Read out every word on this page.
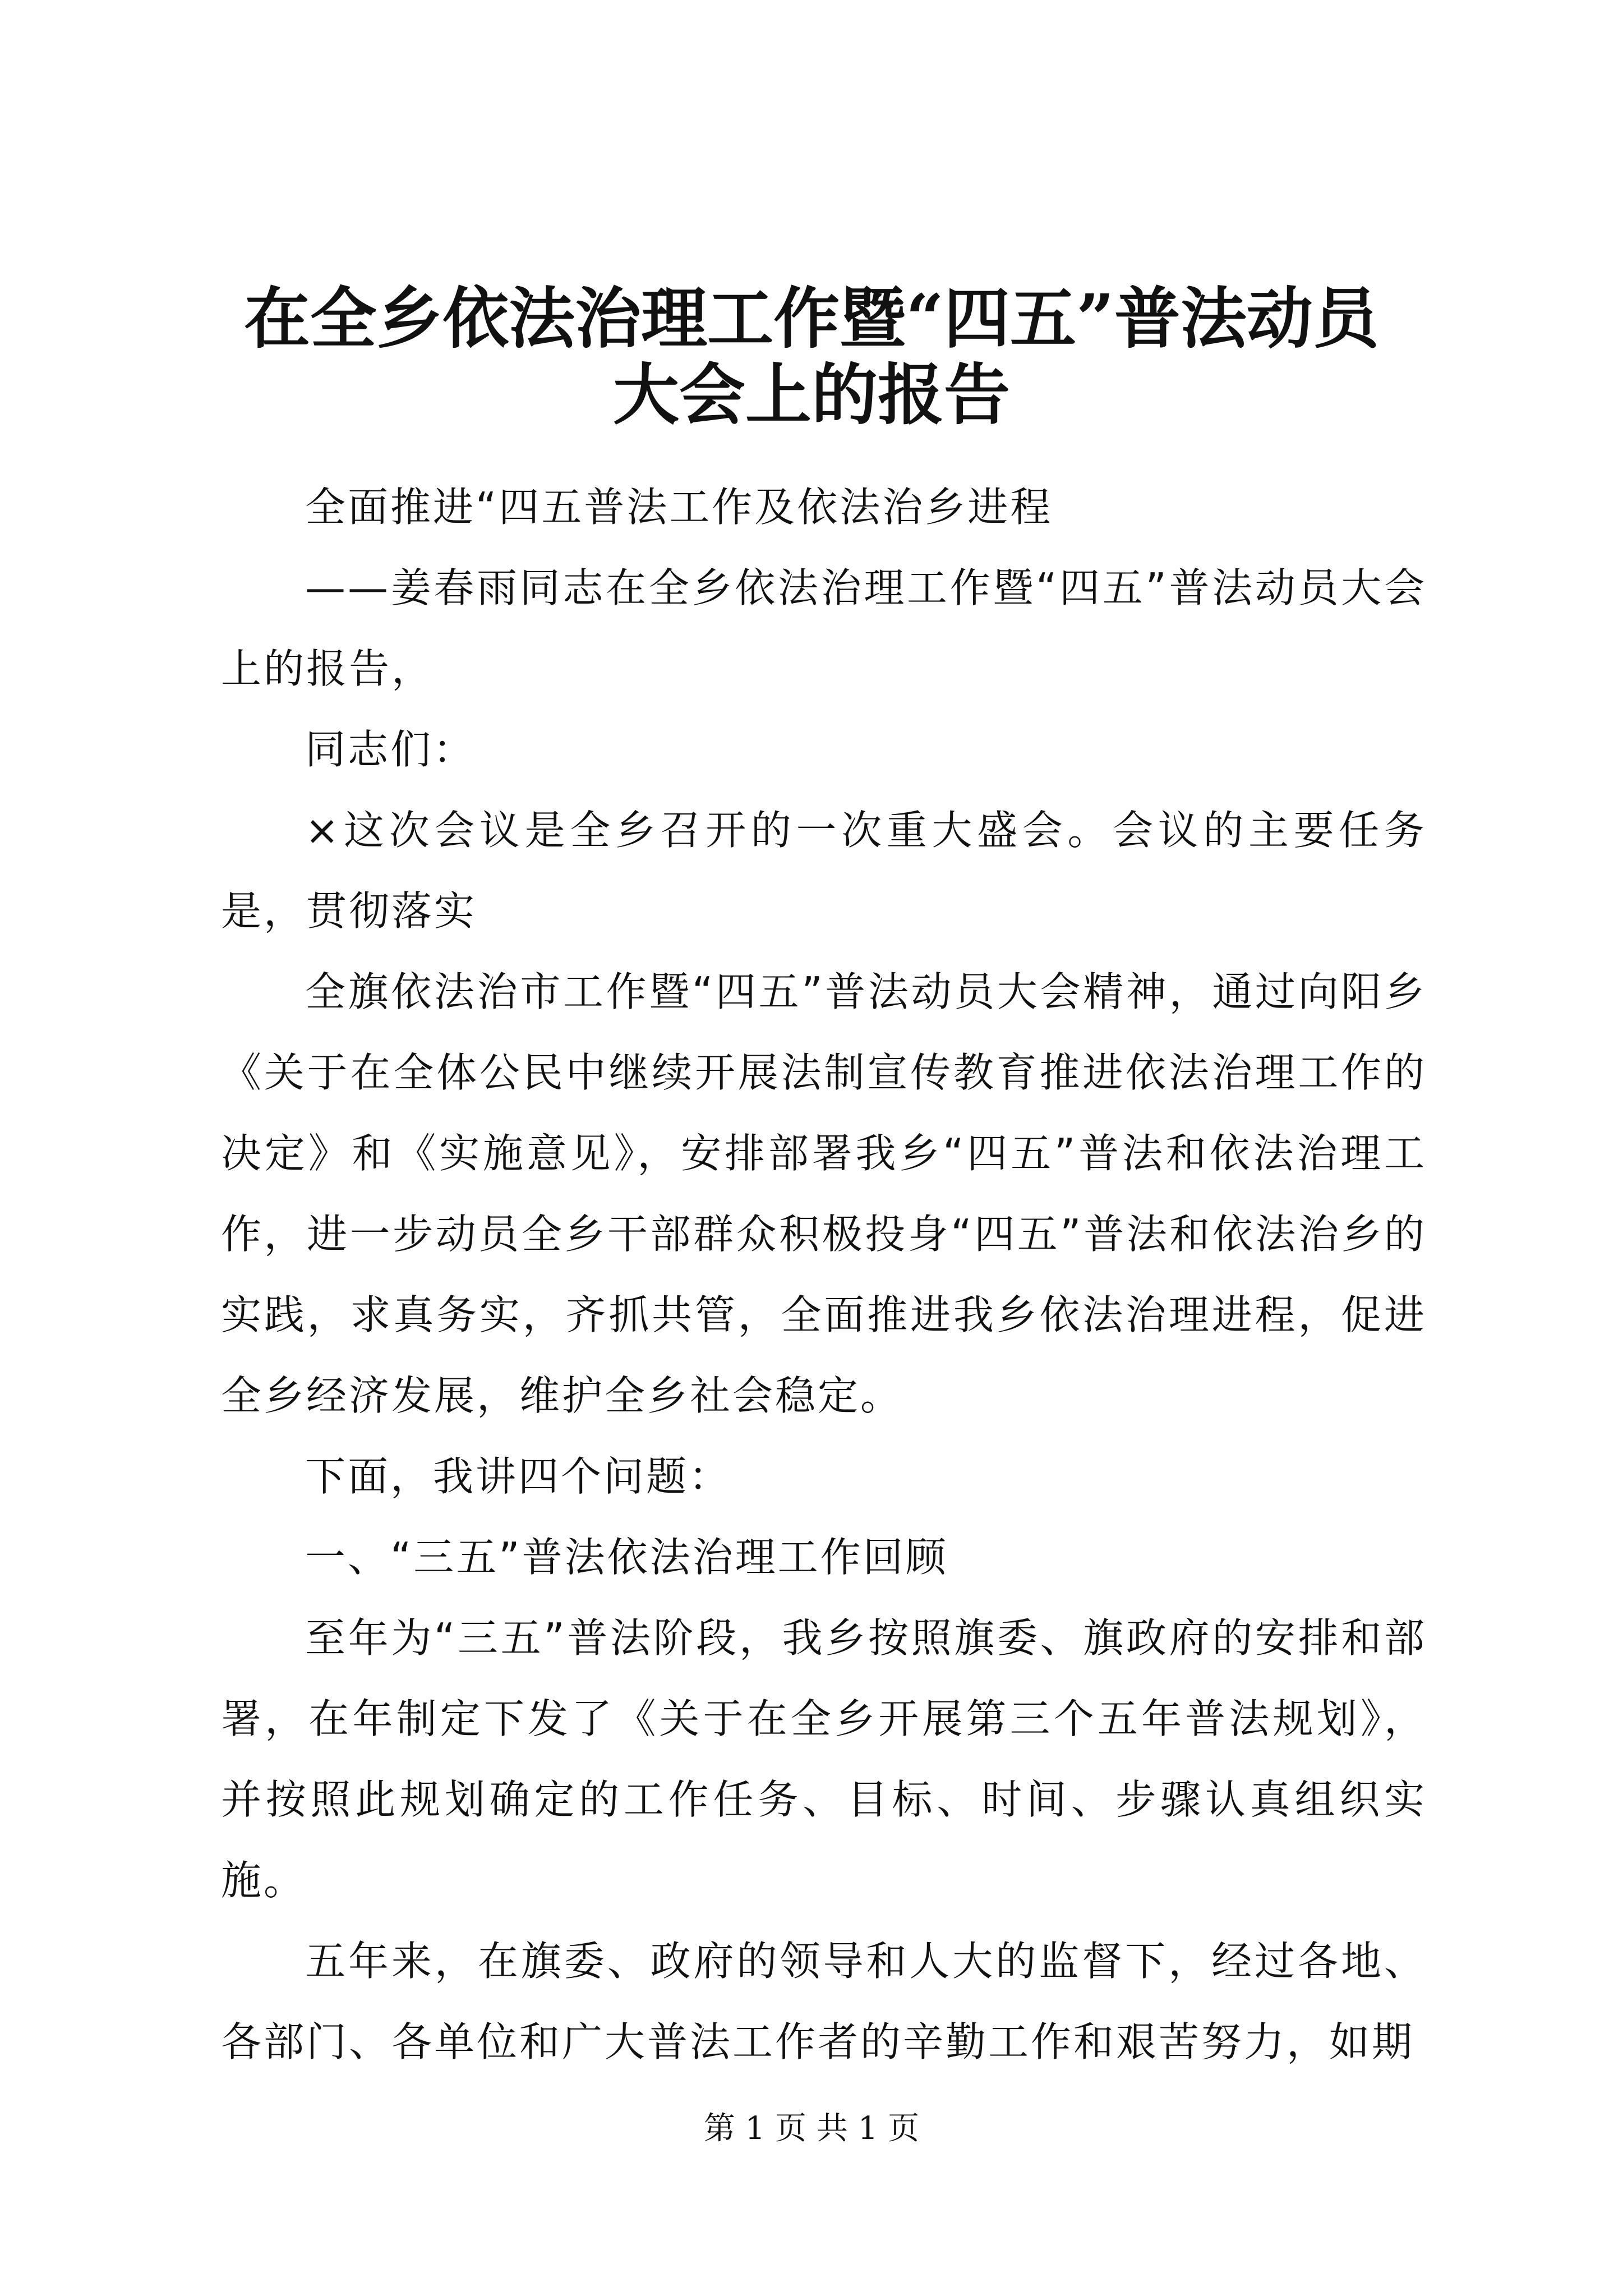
在全乡依法治理工作暨“四五”普法动员大会上的报告

全面推进“四五普法工作及依法治乡进程

——姜春雨同志在全乡依法治理工作暨“四五”普法动员大会上的报告，

同志们：

×这次会议是全乡召开的一次重大盛会。会议的主要任务是，贯彻落实

全旗依法治市工作暨“四五”普法动员大会精神，通过向阳乡《关于在全体公民中继续开展法制宣传教育推进依法治理工作的决定》和《实施意见》，安排部署我乡“四五”普法和依法治理工作，进一步动员全乡干部群众积极投身“四五”普法和依法治乡的实践，求真务实，齐抓共管，全面推进我乡依法治理进程，促进全乡经济发展，维护全乡社会稳定。

下面，我讲四个问题：

一、“三五”普法依法治理工作回顾

至年为“三五”普法阶段，我乡按照旗委、旗政府的安排和部署，在年制定下发了《关于在全乡开展第三个五年普法规划》，并按照此规划确定的工作任务、目标、时间、步骤认真组织实施。

五年来，在旗委、政府的领导和人大的监督下，经过各地、各部门、各单位和广大普法工作者的辛勤工作和艰苦努力，如期

第 1 页 共 1 页
